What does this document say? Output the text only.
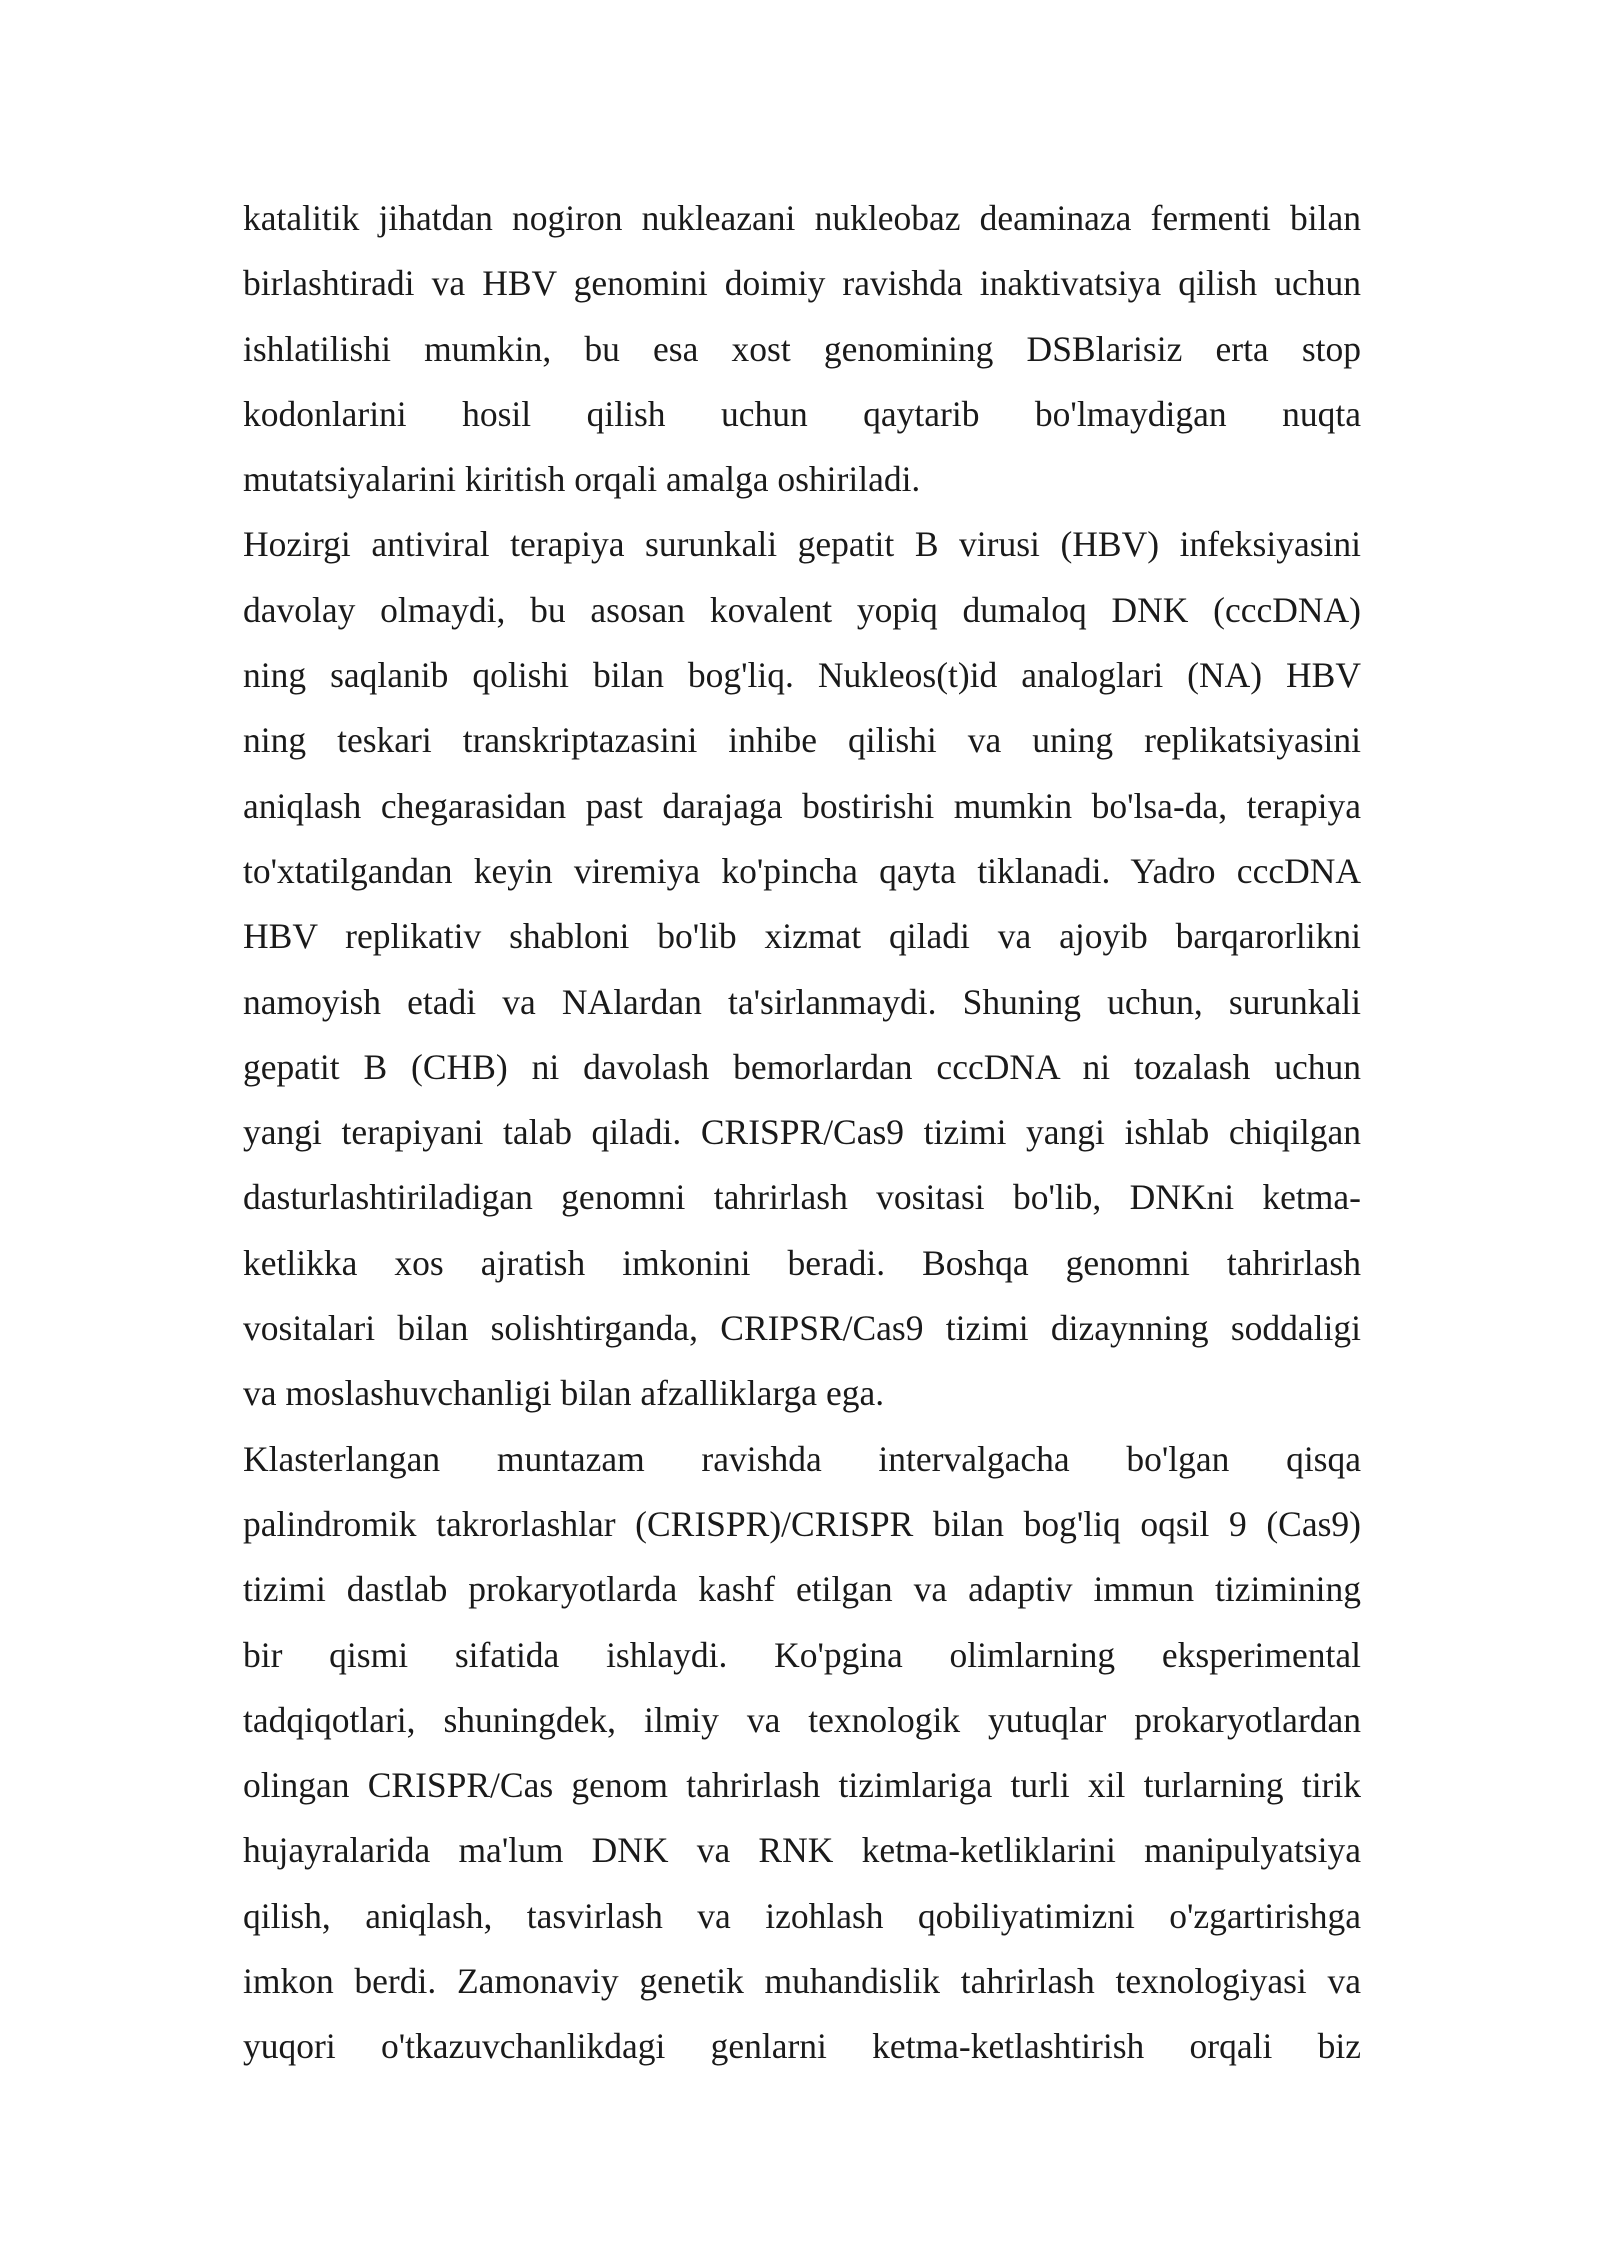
katalitik jihatdan nogiron nukleazani nukleobaz deaminaza fermenti bilan
birlashtiradi va HBV genomini doimiy ravishda inaktivatsiya qilish uchun
ishlatilishi mumkin, bu esa xost genomining DSBlarisiz erta stop
kodonlarini hosil qilish uchun qaytarib bo'lmaydigan nuqta
mutatsiyalarini kiritish orqali amalga oshiriladi.
Hozirgi antiviral terapiya surunkali gepatit B virusi (HBV) infeksiyasini
davolay olmaydi, bu asosan kovalent yopiq dumaloq DNK (cccDNA)
ning saqlanib qolishi bilan bog'liq. Nukleos(t)id analoglari (NA) HBV
ning teskari transkriptazasini inhibe qilishi va uning replikatsiyasini
aniqlash chegarasidan past darajaga bostirishi mumkin bo'lsa-da, terapiya
to'xtatilgandan keyin viremiya ko'pincha qayta tiklanadi. Yadro cccDNA
HBV replikativ shabloni bo'lib xizmat qiladi va ajoyib barqarorlikni
namoyish etadi va NAlardan ta'sirlanmaydi. Shuning uchun, surunkali
gepatit B (CHB) ni davolash bemorlardan cccDNA ni tozalash uchun
yangi terapiyani talab qiladi. CRISPR/Cas9 tizimi yangi ishlab chiqilgan
dasturlashtiriladigan genomni tahrirlash vositasi bo'lib, DNKni ketma-
ketlikka xos ajratish imkonini beradi. Boshqa genomni tahrirlash
vositalari bilan solishtirganda, CRIPSR/Cas9 tizimi dizaynning soddaligi
va moslashuvchanligi bilan afzalliklarga ega.
Klasterlangan muntazam ravishda intervalgacha bo'lgan qisqa
palindromik takrorlashlar (CRISPR)/CRISPR bilan bog'liq oqsil 9 (Cas9)
tizimi dastlab prokaryotlarda kashf etilgan va adaptiv immun tizimining
bir qismi sifatida ishlaydi. Ko'pgina olimlarning eksperimental
tadqiqotlari, shuningdek, ilmiy va texnologik yutuqlar prokaryotlardan
olingan CRISPR/Cas genom tahrirlash tizimlariga turli xil turlarning tirik
hujayralarida ma'lum DNK va RNK ketma-ketliklarini manipulyatsiya
qilish, aniqlash, tasvirlash va izohlash qobiliyatimizni o'zgartirishga
imkon berdi. Zamonaviy genetik muhandislik tahrirlash texnologiyasi va
yuqori o'tkazuvchanlikdagi genlarni ketma-ketlashtirish orqali biz
